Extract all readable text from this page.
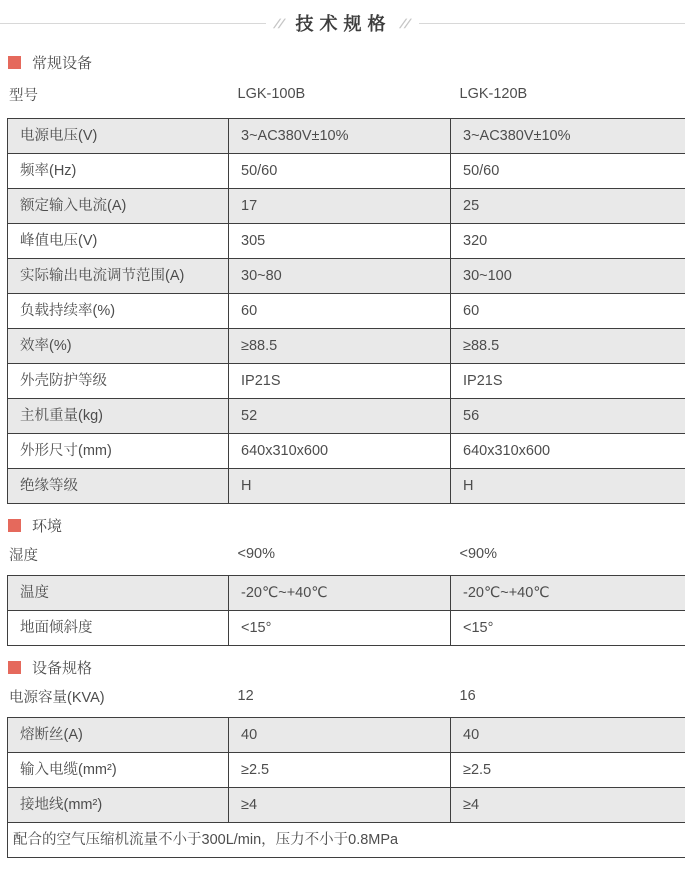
// 技术规格 //
常规设备
型号	LGK-100B	LGK-120B
电源电压(V)	3~AC380V±10%	3~AC380V±10%
频率(Hz)	50/60	50/60
额定输入电流(A)	17	25
峰值电压(V)	305	320
实际输出电流调节范围(A)	30~80	30~100
负载持续率(%)	60	60
效率(%)	≥88.5	≥88.5
外壳防护等级	IP21S	IP21S
主机重量(kg)	52	56
外形尺寸(mm)	640x310x600	640x310x600
绝缘等级	H	H
环境
湿度	<90%	<90%
温度	-20℃~+40℃	-20℃~+40℃
地面倾斜度	<15°	<15°
设备规格
电源容量(KVA)	12	16
熔断丝(A)	40	40
输入电缆(mm²)	≥2.5	≥2.5
接地线(mm²)	≥4	≥4
配合的空气压缩机流量不小于300L/min，压力不小于0.8MPa
